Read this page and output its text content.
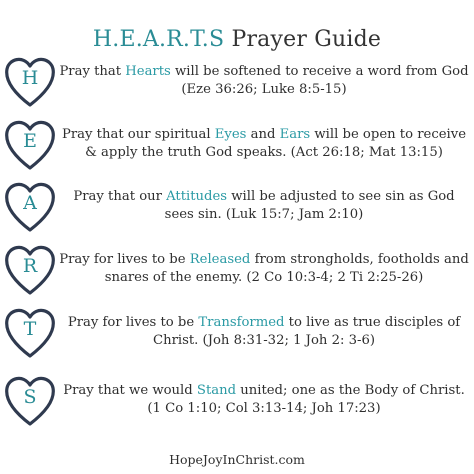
H.E.A.R.T.S Prayer Guide
H	Pray that Hearts will be softened to receive a word from God (Eze 36:26; Luke 8:5-15)

E	Pray that our spiritual Eyes and Ears will be open to receive & apply the truth God speaks. (Act 26:18; Mat 13:15)

A	Pray that our Attitudes will be adjusted to see sin as God sees sin. (Luk 15:7; Jam 2:10)

R	Pray for lives to be Released from strongholds, footholds and snares of the enemy. (2 Co 10:3-4; 2 Ti 2:25-26)

T	Pray for lives to be Transformed to live as true disciples of Christ. (Joh 8:31-32; 1 Joh 2: 3-6)

S	Pray that we would Stand united; one as the Body of Christ. (1 Co 1:10; Col 3:13-14; Joh 17:23)

HopeJoyInChrist.com
